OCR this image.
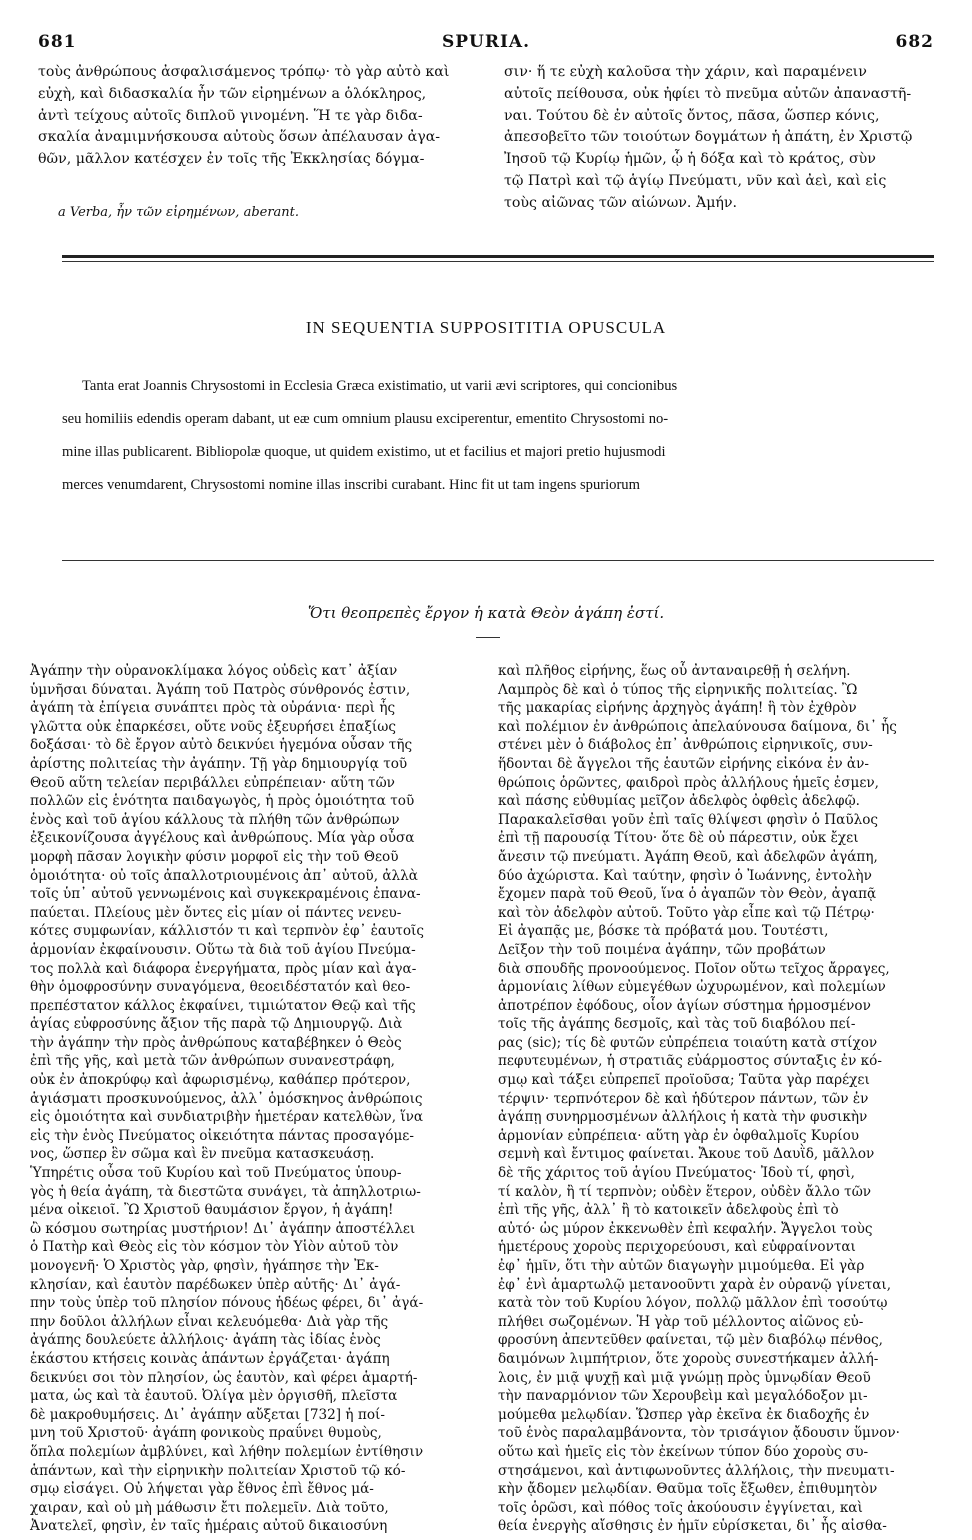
681	SPURIA.	682

τοὺς ἀνθρώπους ἀσφαλισάμενος τρόπῳ· τὸ γὰρ αὐτὸ καὶ

εὐχὴ, καὶ διδασκαλία ἦν τῶν εἰρημένων a ὁλόκληρος,

ἀντὶ τείχους αὐτοῖς διπλοῦ γινομένη. Ἥ τε γὰρ διδα-

σκαλία ἀναμιμνήσκουσα αὐτοὺς ὅσων ἀπέλαυσαν ἀγα-

θῶν, μᾶλλον κατέσχεν ἐν τοῖς τῆς Ἐκκλησίας δόγμα-

a Verba, ἦν τῶν εἰρημένων, aberant.

σιν· ἥ τε εὐχὴ καλοῦσα τὴν χάριν, καὶ παραμένειν

αὐτοῖς πείθουσα, οὐκ ἠφίει τὸ πνεῦμα αὐτῶν ἀπαναστῆ-

ναι. Τούτου δὲ ἐν αὐτοῖς ὄντος, πᾶσα, ὥσπερ κόνις,

ἀπεσοβεῖτο τῶν τοιούτων δογμάτων ἡ ἀπάτη, ἐν Χριστῷ

Ἰησοῦ τῷ Κυρίῳ ἡμῶν, ᾧ ἡ δόξα καὶ τὸ κράτος, σὺν

τῷ Πατρὶ καὶ τῷ ἁγίῳ Πνεύματι, νῦν καὶ ἀεὶ, καὶ εἰς

τοὺς αἰῶνας τῶν αἰώνων. Ἀμήν.

IN SEQUENTIA SUPPOSITITIA OPUSCULA
Tanta erat Joannis Chrysostomi in Ecclesia Græca existimatio, ut varii ævi scriptores, qui concionibus
seu homiliis edendis operam dabant, ut eæ cum omnium plausu exciperentur, ementito Chrysostomi no-
mine illas publicarent. Bibliopolæ quoque, ut quidem existimo, ut et facilius et majori pretio hujusmodi
merces venumdarent, Chrysostomi nomine illas inscribi curabant. Hinc fit ut tam ingens spuriorum
Ὅτι θεοπρεπὲς ἔργον ἡ κατὰ Θεὸν ἀγάπη ἐστί.

Ἀγάπην τὴν οὐρανοκλίμακα λόγος οὐδεὶς κατ᾽ ἀξίαν

ὑμνῆσαι δύναται. Ἀγάπη τοῦ Πατρὸς σύνθρονός ἐστιν,

ἀγάπη τὰ ἐπίγεια συνάπτει πρὸς τὰ οὐράνια· περὶ ἧς

γλῶττα οὐκ ἐπαρκέσει, οὔτε νοῦς ἐξευρήσει ἐπαξίως

δοξάσαι· τὸ δὲ ἔργον αὐτὸ δεικνύει ἡγεμόνα οὖσαν τῆς

ἀρίστης πολιτείας τὴν ἀγάπην. Τῇ γὰρ δημιουργίᾳ τοῦ

Θεοῦ αὕτη τελείαν περιβάλλει εὐπρέπειαν· αὕτη τῶν

πολλῶν εἰς ἑνότητα παιδαγωγὸς, ἡ πρὸς ὁμοιότητα τοῦ

ἑνὸς καὶ τοῦ ἁγίου κάλλους τὰ πλήθη τῶν ἀνθρώπων

ἐξεικονίζουσα ἀγγέλους καὶ ἀνθρώπους. Μία γὰρ οὖσα

μορφὴ πᾶσαν λογικὴν φύσιν μορφοῖ εἰς τὴν τοῦ Θεοῦ

ὁμοιότητα· οὐ τοῖς ἀπαλλοτριουμένοις ἀπ᾽ αὐτοῦ, ἀλλὰ

τοῖς ὑπ᾽ αὐτοῦ γεννωμένοις καὶ συγκεκραμένοις ἐπανα-

παύεται. Πλείους μὲν ὄντες εἰς μίαν οἱ πάντες νενευ-

κότες συμφωνίαν, κάλλιστόν τι καὶ τερπνὸν ἐφ᾽ ἑαυτοῖς

ἁρμονίαν ἐκφαίνουσιν. Οὕτω τὰ διὰ τοῦ ἁγίου Πνεύμα-

τος πολλὰ καὶ διάφορα ἐνεργήματα, πρὸς μίαν καὶ ἀγα-

θὴν ὁμοφροσύνην συναγόμενα, θεοειδέστατόν καὶ θεο-

πρεπέστατον κάλλος ἐκφαίνει, τιμιώτατον Θεῷ καὶ τῆς

ἁγίας εὐφροσύνης ἄξιον τῆς παρὰ τῷ Δημιουργῷ. Διὰ

τὴν ἀγάπην τὴν πρὸς ἀνθρώπους καταβέβηκεν ὁ Θεὸς

ἐπὶ τῆς γῆς, καὶ μετὰ τῶν ἀνθρώπων συνανεστράφη,

οὐκ ἐν ἀποκρύφῳ καὶ ἀφωρισμένῳ, καθάπερ πρότερον,

ἁγιάσματι προσκυνούμενος, ἀλλ᾽ ὁμόσκηνος ἀνθρώποις

εἰς ὁμοιότητα καὶ συνδιατριβὴν ἡμετέραν κατελθὼν, ἵνα

εἰς τὴν ἑνὸς Πνεύματος οἰκειότητα πάντας προσαγόμε-

νος, ὥσπερ ἓν σῶμα καὶ ἓν πνεῦμα κατασκευάσῃ.

Ὑπηρέτις οὖσα τοῦ Κυρίου καὶ τοῦ Πνεύματος ὑπουρ-

γὸς ἡ θεία ἀγάπη, τὰ διεστῶτα συνάγει, τὰ ἀπηλλοτριω-

μένα οἰκειοῖ. Ὢ Χριστοῦ θαυμάσιον ἔργον, ἡ ἀγάπη!

ὢ κόσμου σωτηρίας μυστήριον! Δι᾽ ἀγάπην ἀποστέλλει

ὁ Πατὴρ καὶ Θεὸς εἰς τὸν κόσμον τὸν Υἱὸν αὐτοῦ τὸν

μονογενῆ· Ὁ Χριστὸς γὰρ, φησὶν, ἠγάπησε τὴν Ἐκ-

κλησίαν, καὶ ἑαυτὸν παρέδωκεν ὑπὲρ αὐτῆς· Δι᾽ ἀγά-

πην τοὺς ὑπὲρ τοῦ πλησίον πόνους ἡδέως φέρει, δι᾽ ἀγά-

πην δοῦλοι ἀλλήλων εἶναι κελευόμεθα· Διὰ γὰρ τῆς

ἀγάπης δουλεύετε ἀλλήλοις· ἀγάπη τὰς ἰδίας ἑνὸς

ἑκάστου κτήσεις κοινὰς ἁπάντων ἐργάζεται· ἀγάπη

δεικνύει σοι τὸν πλησίον, ὡς ἑαυτὸν, καὶ φέρει ἁμαρτή-

ματα, ὡς καὶ τὰ ἑαυτοῦ. Ὀλίγα μὲν ὀργισθῆ, πλεῖστα

δὲ μακροθυμήσεις. Δι᾽ ἀγάπην αὔξεται [732] ἡ ποί-

μνη τοῦ Χριστοῦ· ἀγάπη φονικοὺς πραΰνει θυμοὺς,

ὅπλα πολεμίων ἀμβλύνει, καὶ λήθην πολεμίων ἐντίθησιν

ἁπάντων, καὶ τὴν εἰρηνικὴν πολιτείαν Χριστοῦ τῷ κό-

σμῳ εἰσάγει. Οὐ λήψεται γὰρ ἔθνος ἐπὶ ἔθνος μά-

χαιραν, καὶ οὐ μὴ μάθωσιν ἔτι πολεμεῖν. Διὰ τοῦτο,

Ἀνατελεῖ, φησὶν, ἐν ταῖς ἡμέραις αὐτοῦ δικαιοσύνη

καὶ πλῆθος εἰρήνης, ἕως οὗ ἀνταναιρεθῇ ἡ σελήνη.

Λαμπρὸς δὲ καὶ ὁ τύπος τῆς εἰρηνικῆς πολιτείας. Ὢ

τῆς μακαρίας εἰρήνης ἀρχηγὸς ἀγάπη! ἣ τὸν ἐχθρὸν

καὶ πολέμιον ἐν ἀνθρώποις ἀπελαύνουσα δαίμονα, δι᾽ ἧς

στένει μὲν ὁ διάβολος ἐπ᾽ ἀνθρώποις εἰρηνικοῖς, συν-

ἥδονται δὲ ἄγγελοι τῆς ἑαυτῶν εἰρήνης εἰκόνα ἐν ἀν-

θρώποις ὁρῶντες, φαιδροὶ πρὸς ἀλλήλους ἡμεῖς ἐσμεν,

καὶ πάσης εὐθυμίας μεῖζον ἀδελφὸς ὀφθεὶς ἀδελφῷ.

Παρακαλεῖσθαι γοῦν ἐπὶ ταῖς θλίψεσι φησὶν ὁ Παῦλος

ἐπὶ τῇ παρουσίᾳ Τίτου· ὅτε δὲ οὐ πάρεστιν, οὐκ ἔχει

ἄνεσιν τῷ πνεύματι. Ἀγάπη Θεοῦ, καὶ ἀδελφῶν ἀγάπη,

δύο ἀχώριστα. Καὶ ταύτην, φησὶν ὁ Ἰωάννης, ἐντολὴν

ἔχομεν παρὰ τοῦ Θεοῦ, ἵνα ὁ ἀγαπῶν τὸν Θεὸν, ἀγαπᾷ

καὶ τὸν ἀδελφὸν αὐτοῦ. Τοῦτο γὰρ εἶπε καὶ τῷ Πέτρῳ·

Εἰ ἀγαπᾷς με, βόσκε τὰ πρόβατά μου. Τουτέστι,

Δεῖξον τὴν τοῦ ποιμένα ἀγάπην, τῶν προβάτων

διὰ σπουδῆς προνοούμενος. Ποῖον οὕτω τεῖχος ἄρραγες,

ἁρμονίαις λίθων εὐμεγέθων ὠχυρωμένον, καὶ πολεμίων

ἀποτρέπον ἐφόδους, οἷον ἁγίων σύστημα ἡρμοσμένον

τοῖς τῆς ἀγάπης δεσμοῖς, καὶ τὰς τοῦ διαβόλου πεί-

ρας (sic); τίς δὲ φυτῶν εὐπρέπεια τοιαύτη κατὰ στίχον

πεφυτευμένων, ἡ στρατιᾶς εὐάρμοστος σύνταξις ἐν κό-

σμῳ καὶ τάξει εὐπρεπεῖ προϊοῦσα; Ταῦτα γὰρ παρέχει

τέρψιν· τερπνότερον δὲ καὶ ἡδύτερον πάντων, τῶν ἐν

ἀγάπῃ συνηρμοσμένων ἀλλήλοις ἡ κατὰ τὴν φυσικὴν

ἁρμονίαν εὐπρέπεια· αὕτη γὰρ ἐν ὀφθαλμοῖς Κυρίου

σεμνὴ καὶ ἔντιμος φαίνεται. Ἄκουε τοῦ Δαυῒδ, μᾶλλον

δὲ τῆς χάριτος τοῦ ἁγίου Πνεύματος· Ἰδοὺ τί, φησὶ,

τί καλὸν, ἢ τί τερπνὸν; οὐδὲν ἕτερον, οὐδὲν ἄλλο τῶν

ἐπὶ τῆς γῆς, ἀλλ᾽ ἢ τὸ κατοικεῖν ἀδελφοὺς ἐπὶ τὸ

αὐτό· ὡς μύρον ἐκκενωθὲν ἐπὶ κεφαλήν. Ἄγγελοι τοὺς

ἡμετέρους χοροὺς περιχορεύουσι, καὶ εὐφραίνονται

ἐφ᾽ ἡμῖν, ὅτι τὴν αὐτῶν διαγωγὴν μιμούμεθα. Εἰ γὰρ

ἐφ᾽ ἑνὶ ἁμαρτωλῷ μετανοοῦντι χαρὰ ἐν οὐρανῷ γίνεται,

κατὰ τὸν τοῦ Κυρίου λόγον, πολλῷ μᾶλλον ἐπὶ τοσούτῳ

πλήθει σωζομένων. Ἡ γὰρ τοῦ μέλλοντος αἰῶνος εὐ-

φροσύνη ἀπεντεῦθεν φαίνεται, τῷ μὲν διαβόλῳ πένθος,

δαιμόνων λιμπήτριον, ὅτε χοροὺς συνεστήκαμεν ἀλλή-

λοις, ἐν μιᾷ ψυχῇ καὶ μιᾷ γνώμῃ πρὸς ὑμνῳδίαν Θεοῦ

τὴν παναρμόνιον τῶν Χερουβεὶμ καὶ μεγαλόδοξον μι-

μούμεθα μελῳδίαν. Ὥσπερ γὰρ ἐκεῖνα ἐκ διαδοχῆς ἐν

τοῦ ἑνὸς παραλαμβάνοντα, τὸν τρισάγιον ᾄδουσιν ὕμνον·

οὕτω καὶ ἡμεῖς εἰς τὸν ἐκείνων τύπον δύο χοροὺς συ-

στησάμενοι, καὶ ἀντιφωνοῦντες ἀλλήλοις, τὴν πνευματι-

κὴν ᾄδομεν μελῳδίαν. Θαῦμα τοῖς ἔξωθεν, ἐπιθυμητὸν

τοῖς ὁρῶσι, καὶ πόθος τοῖς ἀκούουσιν ἐγγίνεται, καὶ

θεία ἐνεργὴς αἴσθησις ἐν ἡμῖν εὑρίσκεται, δι᾽ ἧς αἰσθα-
